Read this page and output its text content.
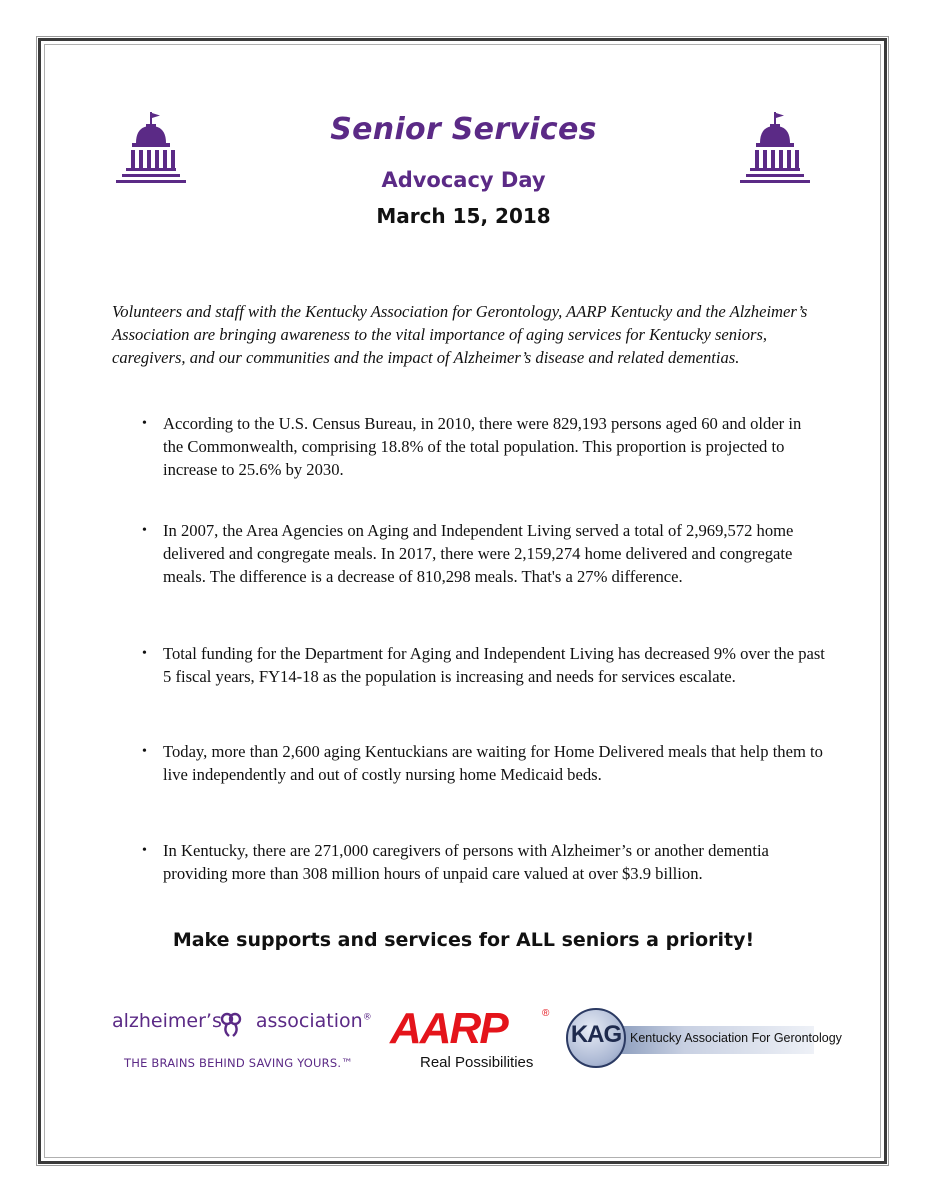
Senior Services
Advocacy Day
March 15, 2018

Volunteers and staff with the Kentucky Association for Gerontology, AARP Kentucky and the Alzheimer’s Association are bringing awareness to the vital importance of aging services for Kentucky seniors, caregivers, and our communities and the impact of Alzheimer’s disease and related dementias.

• According to the U.S. Census Bureau, in 2010, there were 829,193 persons aged 60 and older in the Commonwealth, comprising 18.8% of the total population. This proportion is projected to increase to 25.6% by 2030.
• In 2007, the Area Agencies on Aging and Independent Living served a total of 2,969,572 home delivered and congregate meals. In 2017, there were 2,159,274 home delivered and congregate meals. The difference is a decrease of 810,298 meals. That's a 27% difference.
• Total funding for the Department for Aging and Independent Living has decreased 9% over the past 5 fiscal years, FY14-18 as the population is increasing and needs for services escalate.
• Today, more than 2,600 aging Kentuckians are waiting for Home Delivered meals that help them to live independently and out of costly nursing home Medicaid beds.
• In Kentucky, there are 271,000 caregivers of persons with Alzheimer’s or another dementia providing more than 308 million hours of unpaid care valued at over $3.9 billion.
Make supports and services for ALL seniors a priority!
alzheimer’s association®
THE BRAINS BEHIND SAVING YOURS.™
AARP	®
Real Possibilities
Kentucky Association For Gerontology
KAG
